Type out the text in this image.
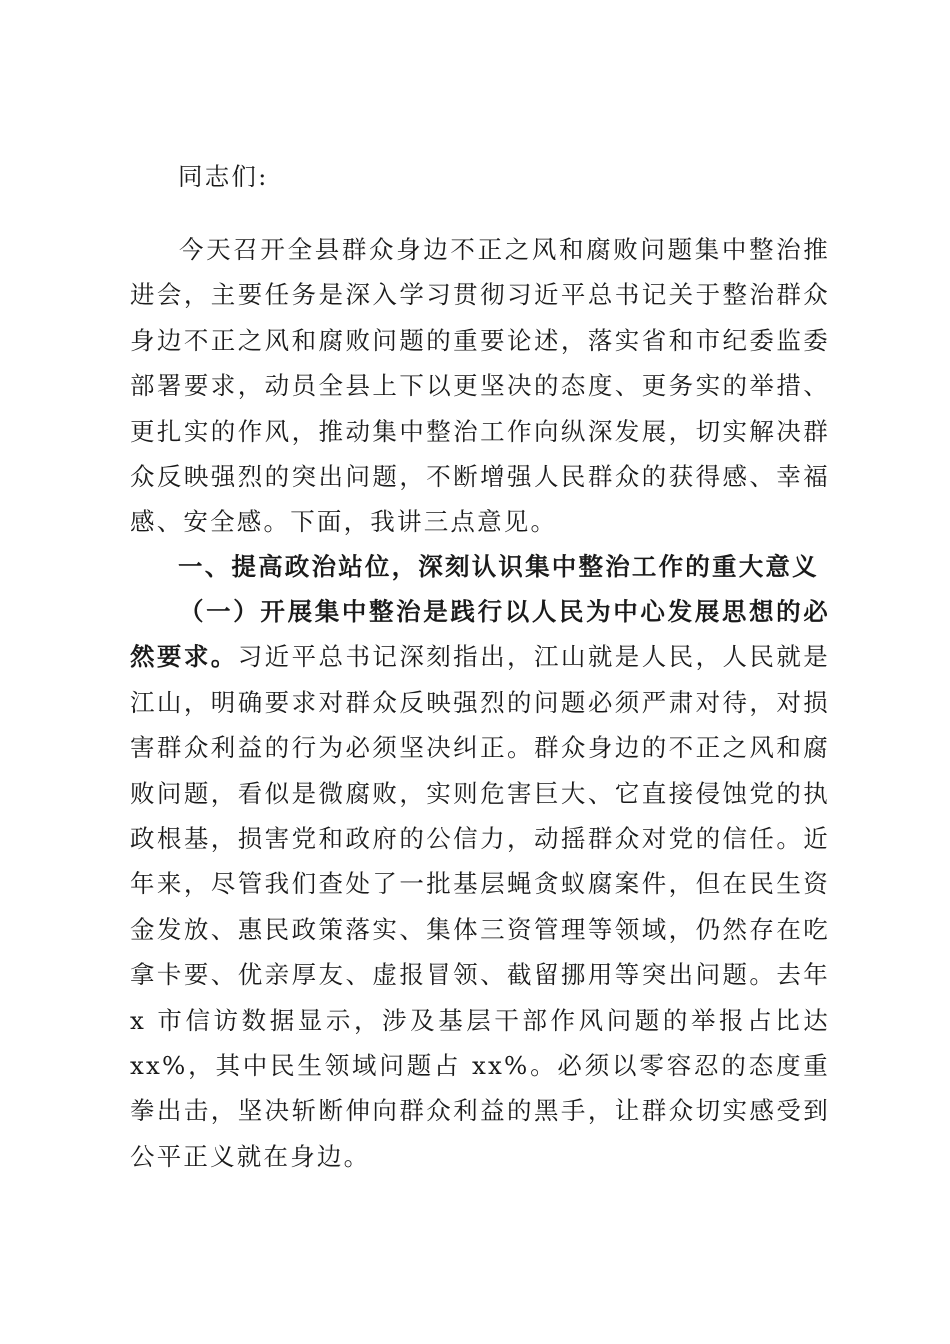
同志们:

今天召开全县群众身边不正之风和腐败问题集中整治推进会，主要任务是深入学习贯彻习近平总书记关于整治群众身边不正之风和腐败问题的重要论述，落实省和市纪委监委部署要求，动员全县上下以更坚决的态度、更务实的举措、更扎实的作风，推动集中整治工作向纵深发展，切实解决群众反映强烈的突出问题，不断增强人民群众的获得感、幸福感、安全感。下面，我讲三点意见。

一、提高政治站位，深刻认识集中整治工作的重大意义

（一）开展集中整治是践行以人民为中心发展思想的必然要求。习近平总书记深刻指出，江山就是人民，人民就是江山，明确要求对群众反映强烈的问题必须严肃对待，对损害群众利益的行为必须坚决纠正。群众身边的不正之风和腐败问题，看似是微腐败，实则危害巨大、它直接侵蚀党的执政根基，损害党和政府的公信力，动摇群众对党的信任。近年来，尽管我们查处了一批基层蝇贪蚁腐案件，但在民生资金发放、惠民政策落实、集体三资管理等领域，仍然存在吃拿卡要、优亲厚友、虚报冒领、截留挪用等突出问题。去年 x 市信访数据显示，涉及基层干部作风问题的举报占比达 xx%，其中民生领域问题占 xx%。必须以零容忍的态度重拳出击，坚决斩断伸向群众利益的黑手，让群众切实感受到公平正义就在身边。
